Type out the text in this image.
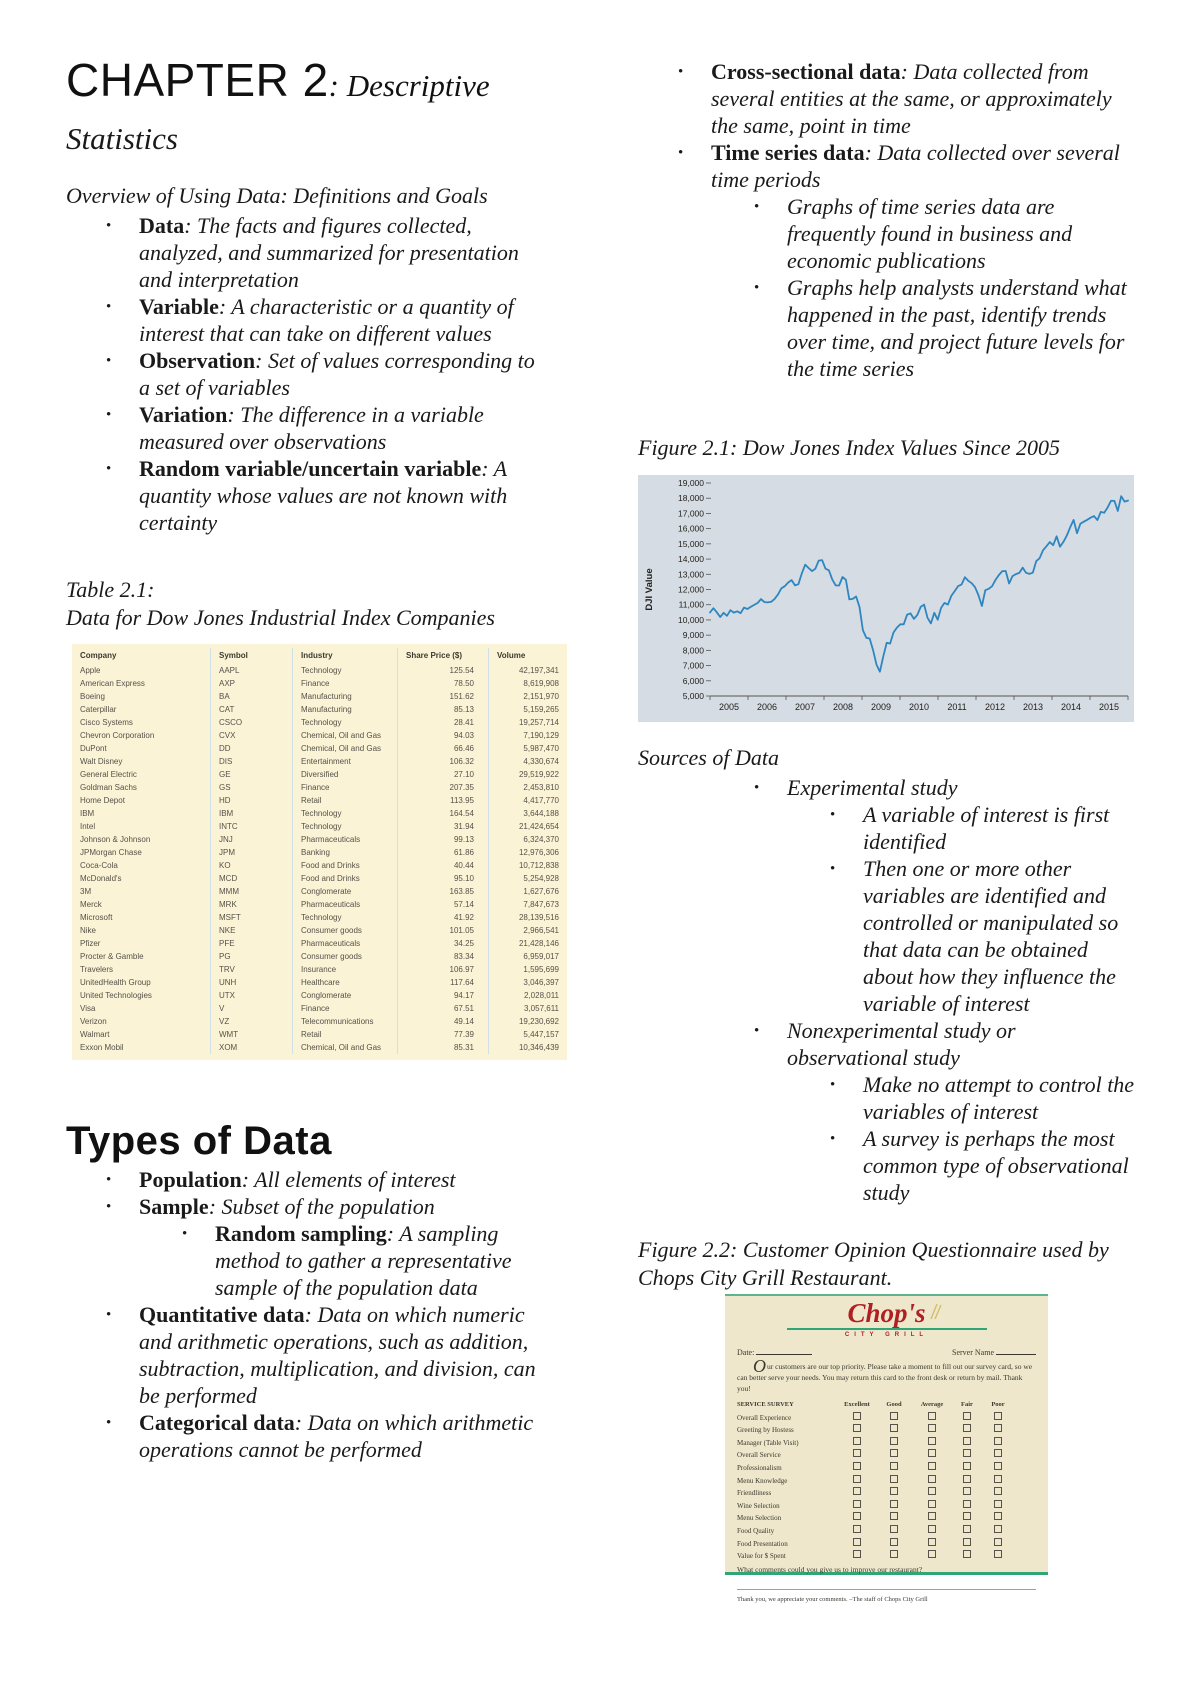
CHAPTER 2: Descriptive
Statistics
Overview of Using Data: Definitions and Goals
• Data: The facts and figures collected, analyzed, and summarized for presentation and interpretation
• Variable: A characteristic or a quantity of interest that can take on different values
• Observation: Set of values corresponding to a set of variables
• Variation: The difference in a variable measured over observations
• Random variable/uncertain variable: A quantity whose values are not known with certainty
Table 2.1:
Data for Dow Jones Industrial Index Companies
Company	Symbol	Industry	Share Price ($)	Volume
Apple	AAPL	Technology	125.54	42,197,341
American Express	AXP	Finance	78.50	8,619,908
Boeing	BA	Manufacturing	151.62	2,151,970
Caterpillar	CAT	Manufacturing	85.13	5,159,265
Cisco Systems	CSCO	Technology	28.41	19,257,714
Chevron Corporation	CVX	Chemical, Oil and Gas	94.03	7,190,129
DuPont	DD	Chemical, Oil and Gas	66.46	5,987,470
Walt Disney	DIS	Entertainment	106.32	4,330,674
General Electric	GE	Diversified	27.10	29,519,922
Goldman Sachs	GS	Finance	207.35	2,453,810
Home Depot	HD	Retail	113.95	4,417,770
IBM	IBM	Technology	164.54	3,644,188
Intel	INTC	Technology	31.94	21,424,654
Johnson & Johnson	JNJ	Pharmaceuticals	99.13	6,324,370
JPMorgan Chase	JPM	Banking	61.86	12,976,306
Coca-Cola	KO	Food and Drinks	40.44	10,712,838
McDonald's	MCD	Food and Drinks	95.10	5,254,928
3M	MMM	Conglomerate	163.85	1,627,676
Merck	MRK	Pharmaceuticals	57.14	7,847,673
Microsoft	MSFT	Technology	41.92	28,139,516
Nike	NKE	Consumer goods	101.05	2,966,541
Pfizer	PFE	Pharmaceuticals	34.25	21,428,146
Procter & Gamble	PG	Consumer goods	83.34	6,959,017
Travelers	TRV	Insurance	106.97	1,595,699
UnitedHealth Group	UNH	Healthcare	117.64	3,046,397
United Technologies	UTX	Conglomerate	94.17	2,028,011
Visa	V	Finance	67.51	3,057,611
Verizon	VZ	Telecommunications	49.14	19,230,692
Walmart	WMT	Retail	77.39	5,447,157
Exxon Mobil	XOM	Chemical, Oil and Gas	85.31	10,346,439
Types of Data
• Population: All elements of interest
• Sample: Subset of the population
• Random sampling: A sampling method to gather a representative sample of the population data
• Quantitative data: Data on which numeric and arithmetic operations, such as addition, subtraction, multiplication, and division, can be performed
• Categorical data: Data on which arithmetic operations cannot be performed
• Cross-sectional data: Data collected from several entities at the same, or approximately the same, point in time
• Time series data: Data collected over several time periods
• Graphs of time series data are frequently found in business and economic publications
• Graphs help analysts understand what happened in the past, identify trends over time, and project future levels for the time series
Figure 2.1: Dow Jones Index Values Since 2005
5,000
6,000
7,000
8,000
9,000
10,000
11,000
12,000
13,000
14,000
15,000
16,000
17,000
18,000
19,000
2005 2006 2007 2008 2009 2010 2011 2012 2013 2014 2015
DJI Value
Sources of Data
• Experimental study
• A variable of interest is first identified
• Then one or more other variables are identified and controlled or manipulated so that data can be obtained about how they influence the variable of interest
• Nonexperimental study or observational study
• Make no attempt to control the variables of interest
• A survey is perhaps the most common type of observational study
Figure 2.2: Customer Opinion Questionnaire used by Chops City Grill Restaurant.
Chop's
CITY GRILL
Date:	Server Name
Our customers are our top priority. Please take a moment to fill out our survey card, so we can better serve your needs. You may return this card to the front desk or return by mail. Thank you!
SERVICE SURVEY	Excellent	Good	Average	Fair	Poor
Overall Experience
Greeting by Hostess
Manager (Table Visit)
Overall Service
Professionalism
Menu Knowledge
Friendliness
Wine Selection
Menu Selection
Food Quality
Food Presentation
Value for $ Spent
What comments could you give us to improve our restaurant?
Thank you, we appreciate your comments. –The staff of Chops City Grill
